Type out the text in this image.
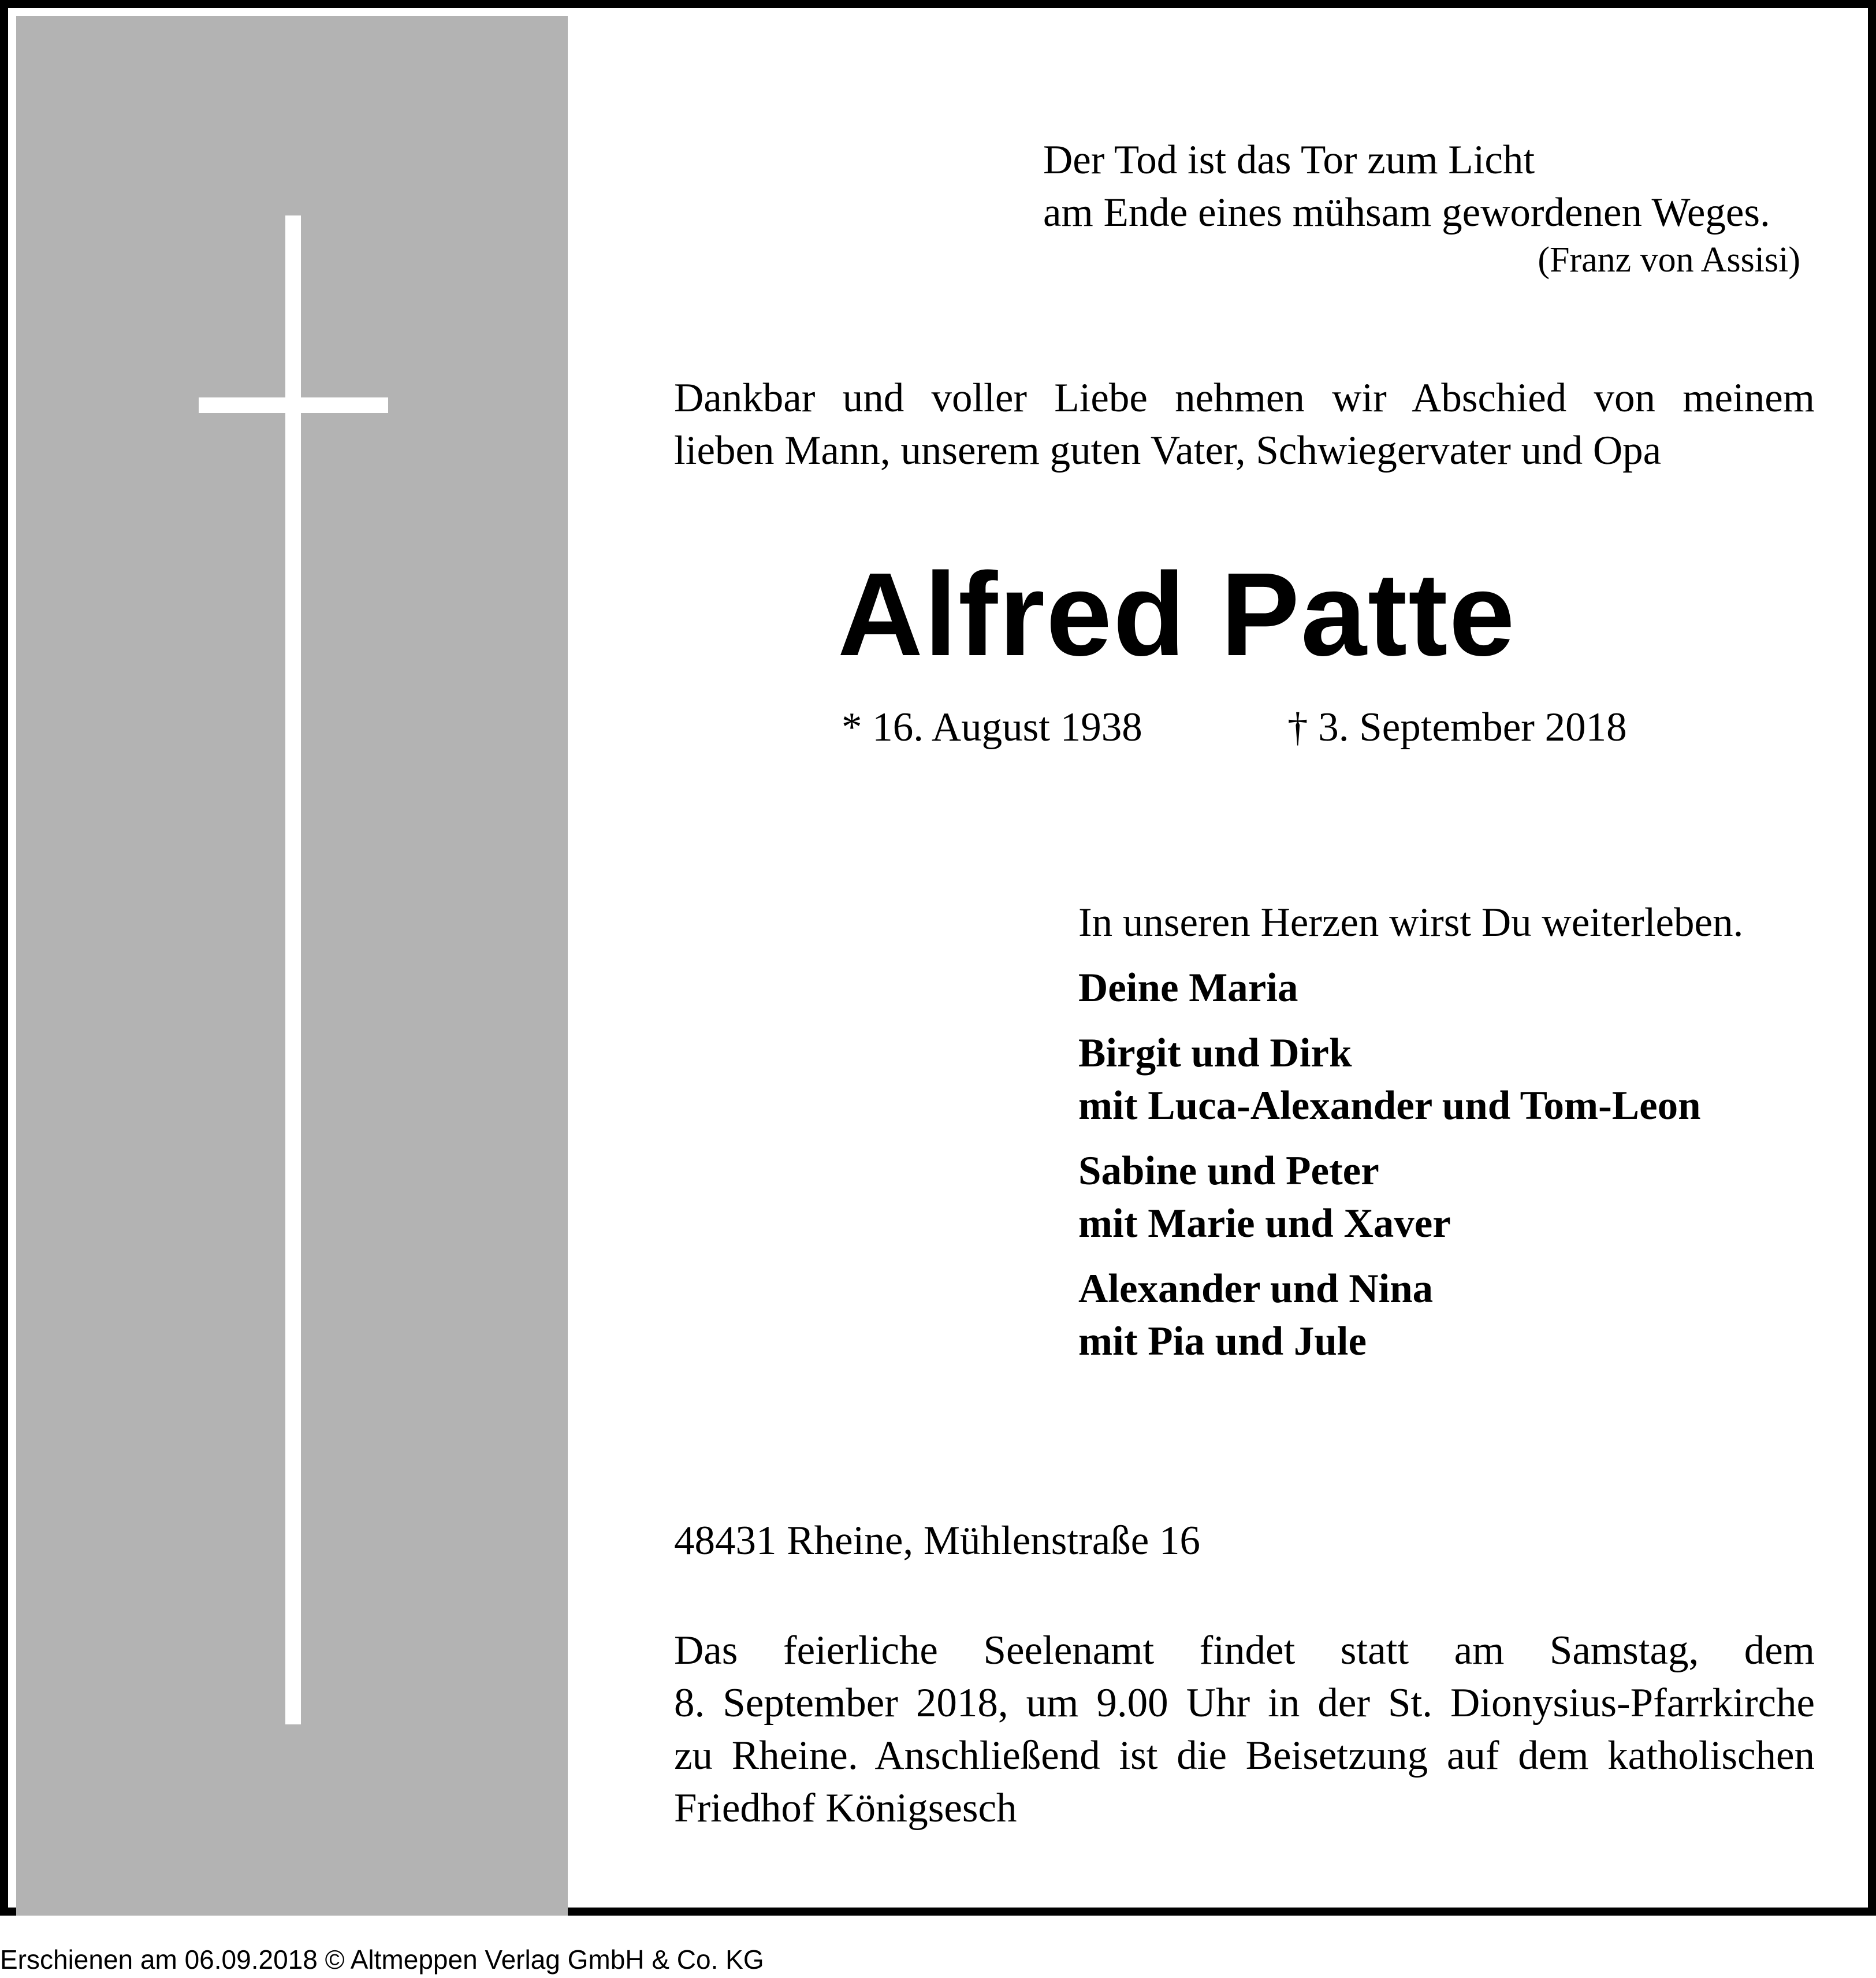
Der Tod ist das Tor zum Licht
am Ende eines mühsam gewordenen Weges.
(Franz von Assisi)
Dankbar und voller Liebe nehmen wir Abschied von meinem
lieben Mann, unserem guten Vater, Schwiegervater und Opa
Alfred Patte
* 16. August 1938	† 3. September 2018
In unseren Herzen wirst Du weiterleben.
Deine Maria
Birgit und Dirk
mit Luca-Alexander und Tom-Leon
Sabine und Peter
mit Marie und Xaver
Alexander und Nina
mit Pia und Jule
48431 Rheine, Mühlenstraße 16
Das feierliche Seelenamt findet statt am Samstag, dem
8. September 2018, um 9.00 Uhr in der St. Dionysius-Pfarrkirche
zu Rheine. Anschließend ist die Beisetzung auf dem katholischen
Friedhof Königsesch
Erschienen am 06.09.2018 © Altmeppen Verlag GmbH & Co. KG
